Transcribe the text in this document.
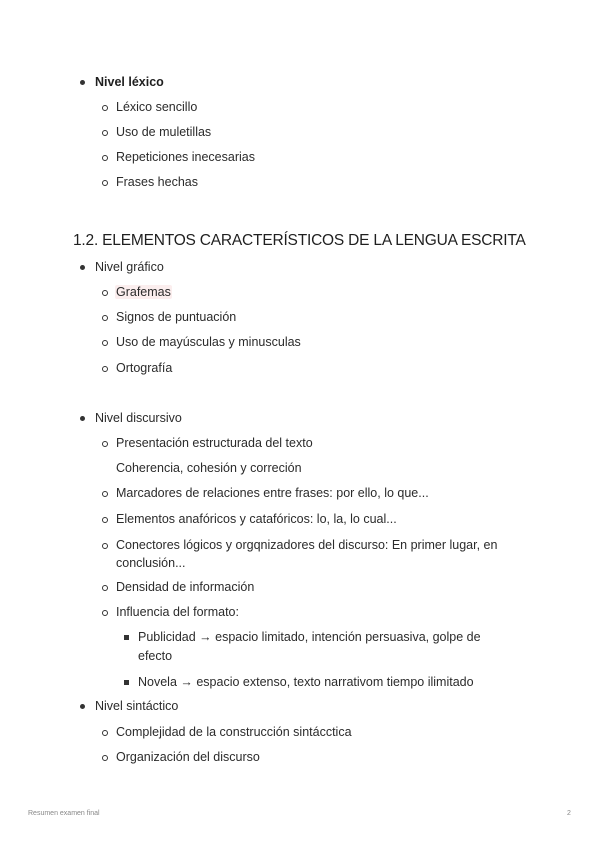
Nivel léxico
Léxico sencillo
Uso de muletillas
Repeticiones inecesarias
Frases hechas
1.2. ELEMENTOS CARACTERÍSTICOS DE LA LENGUA ESCRITA
Nivel gráfico
Grafemas
Signos de puntuación
Uso de mayúsculas y minusculas
Ortografía
Nivel discursivo
Presentación estructurada del texto
Coherencia, cohesión y correción
Marcadores de relaciones entre frases: por ello, lo que...
Elementos anafóricos y catafóricos: lo, la, lo cual...
Conectores lógicos y orgqnizadores del discurso: En primer lugar, en
conclusión...
Densidad de información
Influencia del formato:
Publicidad → espacio limitado, intención persuasiva, golpe de
efecto
Novela → espacio extenso, texto narrativom tiempo ilimitado
Nivel sintáctico
Complejidad de la construcción sintácctica
Organización del discurso
Resumen examen final	2
